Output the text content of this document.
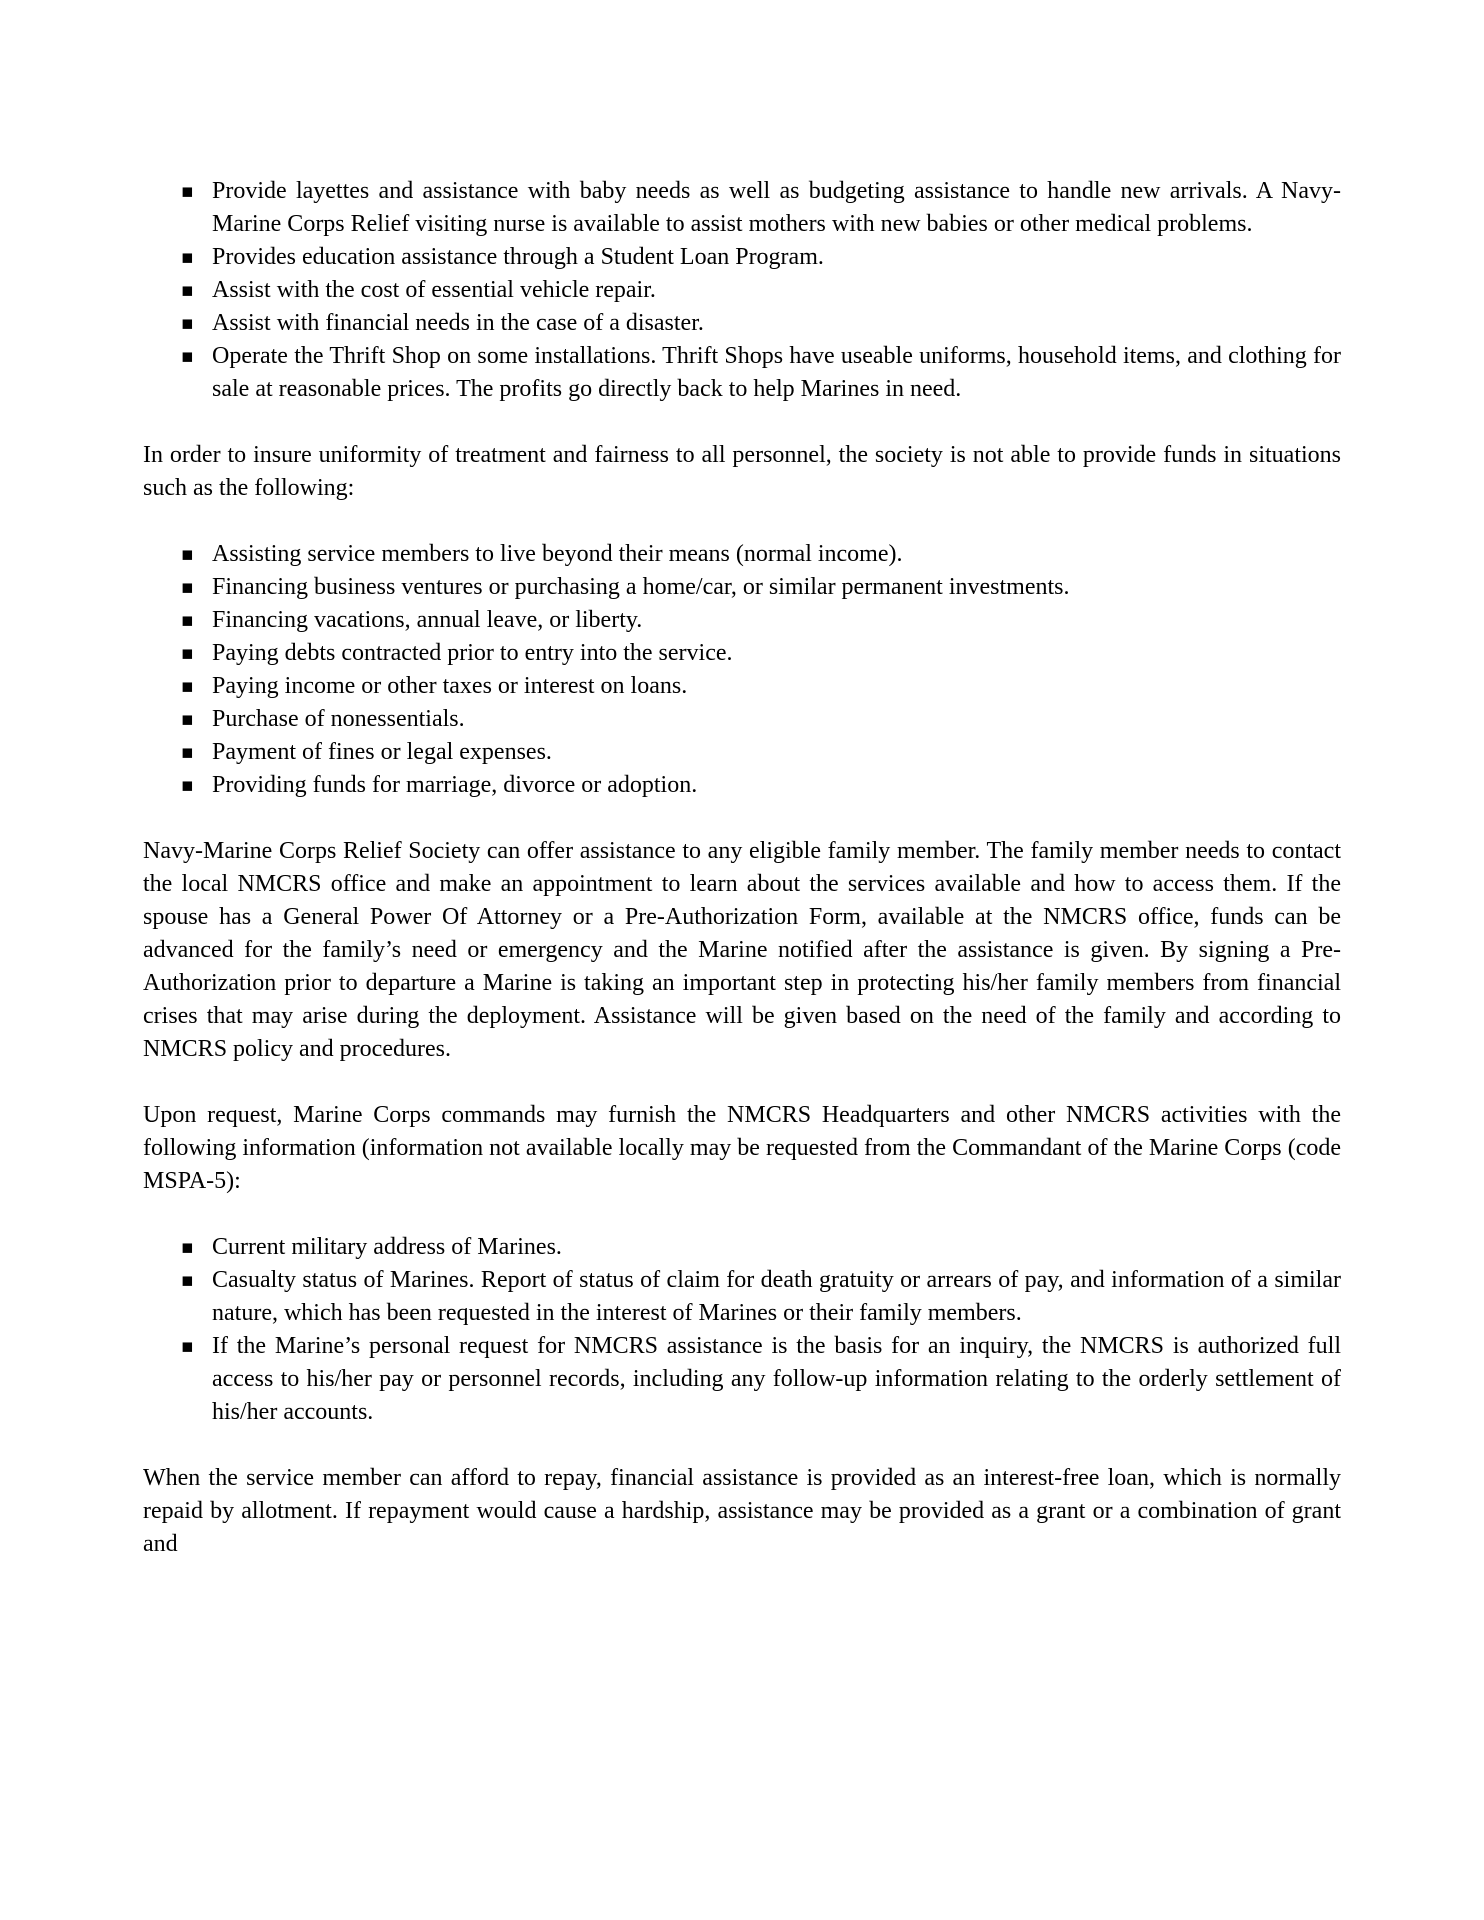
▪ Provide layettes and assistance with baby needs as well as budgeting assistance to handle new arrivals. A Navy-Marine Corps Relief visiting nurse is available to assist mothers with new babies or other medical problems.
▪ Provides education assistance through a Student Loan Program.
▪ Assist with the cost of essential vehicle repair.
▪ Assist with financial needs in the case of a disaster.
▪ Operate the Thrift Shop on some installations. Thrift Shops have useable uniforms, household items, and clothing for sale at reasonable prices. The profits go directly back to help Marines in need.

In order to insure uniformity of treatment and fairness to all personnel, the society is not able to provide funds in situations such as the following:

▪ Assisting service members to live beyond their means (normal income).
▪ Financing business ventures or purchasing a home/car, or similar permanent investments.
▪ Financing vacations, annual leave, or liberty.
▪ Paying debts contracted prior to entry into the service.
▪ Paying income or other taxes or interest on loans.
▪ Purchase of nonessentials.
▪ Payment of fines or legal expenses.
▪ Providing funds for marriage, divorce or adoption.

Navy-Marine Corps Relief Society can offer assistance to any eligible family member. The family member needs to contact the local NMCRS office and make an appointment to learn about the services available and how to access them. If the spouse has a General Power Of Attorney or a Pre-Authorization Form, available at the NMCRS office, funds can be advanced for the family’s need or emergency and the Marine notified after the assistance is given. By signing a Pre-Authorization prior to departure a Marine is taking an important step in protecting his/her family members from financial crises that may arise during the deployment. Assistance will be given based on the need of the family and according to NMCRS policy and procedures.

Upon request, Marine Corps commands may furnish the NMCRS Headquarters and other NMCRS activities with the following information (information not available locally may be requested from the Commandant of the Marine Corps (code MSPA-5):

▪ Current military address of Marines.
▪ Casualty status of Marines. Report of status of claim for death gratuity or arrears of pay, and information of a similar nature, which has been requested in the interest of Marines or their family members.
▪ If the Marine’s personal request for NMCRS assistance is the basis for an inquiry, the NMCRS is authorized full access to his/her pay or personnel records, including any follow-up information relating to the orderly settlement of his/her accounts.

When the service member can afford to repay, financial assistance is provided as an interest-free loan, which is normally repaid by allotment. If repayment would cause a hardship, assistance may be provided as a grant or a combination of grant and
